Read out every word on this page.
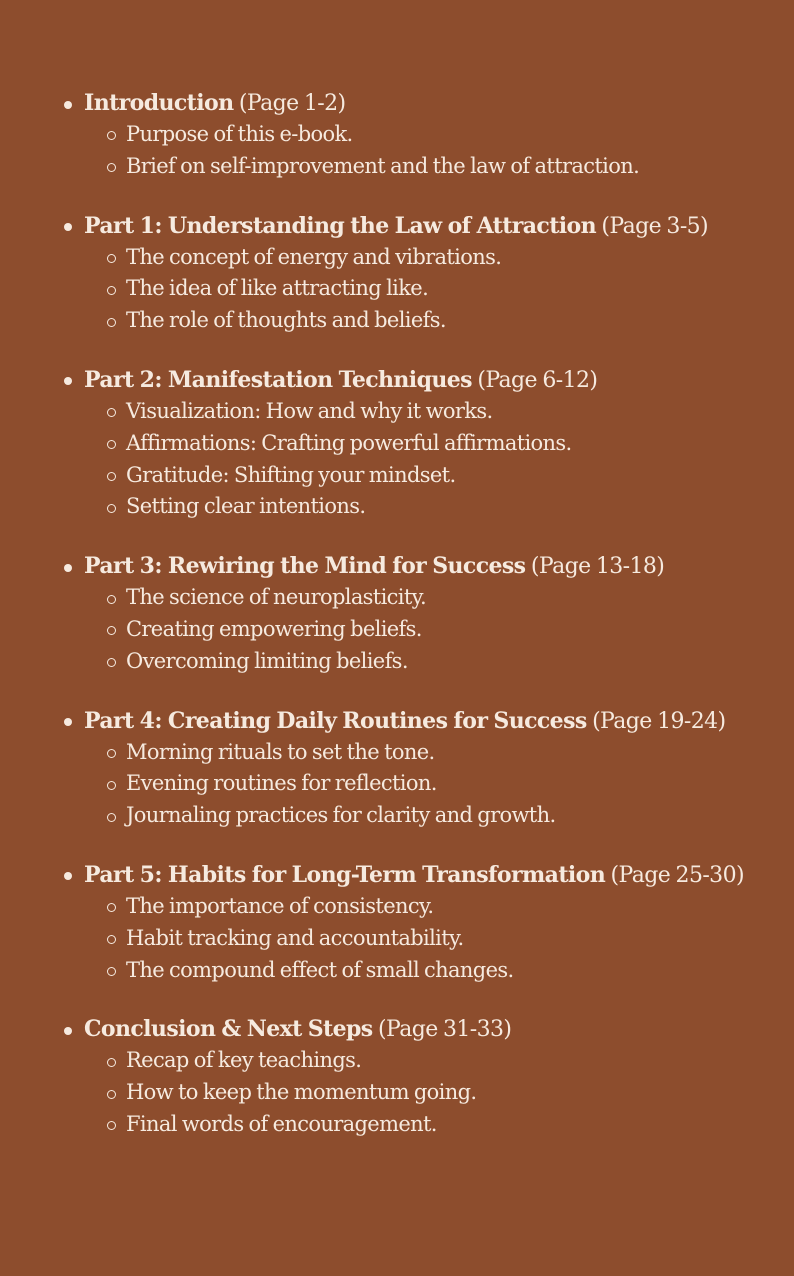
Introduction (Page 1-2)
Purpose of this e-book.
Brief on self-improvement and the law of attraction.
Part 1: Understanding the Law of Attraction (Page 3-5)
The concept of energy and vibrations.
The idea of like attracting like.
The role of thoughts and beliefs.
Part 2: Manifestation Techniques (Page 6-12)
Visualization: How and why it works.
Affirmations: Crafting powerful affirmations.
Gratitude: Shifting your mindset.
Setting clear intentions.
Part 3: Rewiring the Mind for Success (Page 13-18)
The science of neuroplasticity.
Creating empowering beliefs.
Overcoming limiting beliefs.
Part 4: Creating Daily Routines for Success (Page 19-24)
Morning rituals to set the tone.
Evening routines for reflection.
Journaling practices for clarity and growth.
Part 5: Habits for Long-Term Transformation (Page 25-30)
The importance of consistency.
Habit tracking and accountability.
The compound effect of small changes.
Conclusion & Next Steps (Page 31-33)
Recap of key teachings.
How to keep the momentum going.
Final words of encouragement.
